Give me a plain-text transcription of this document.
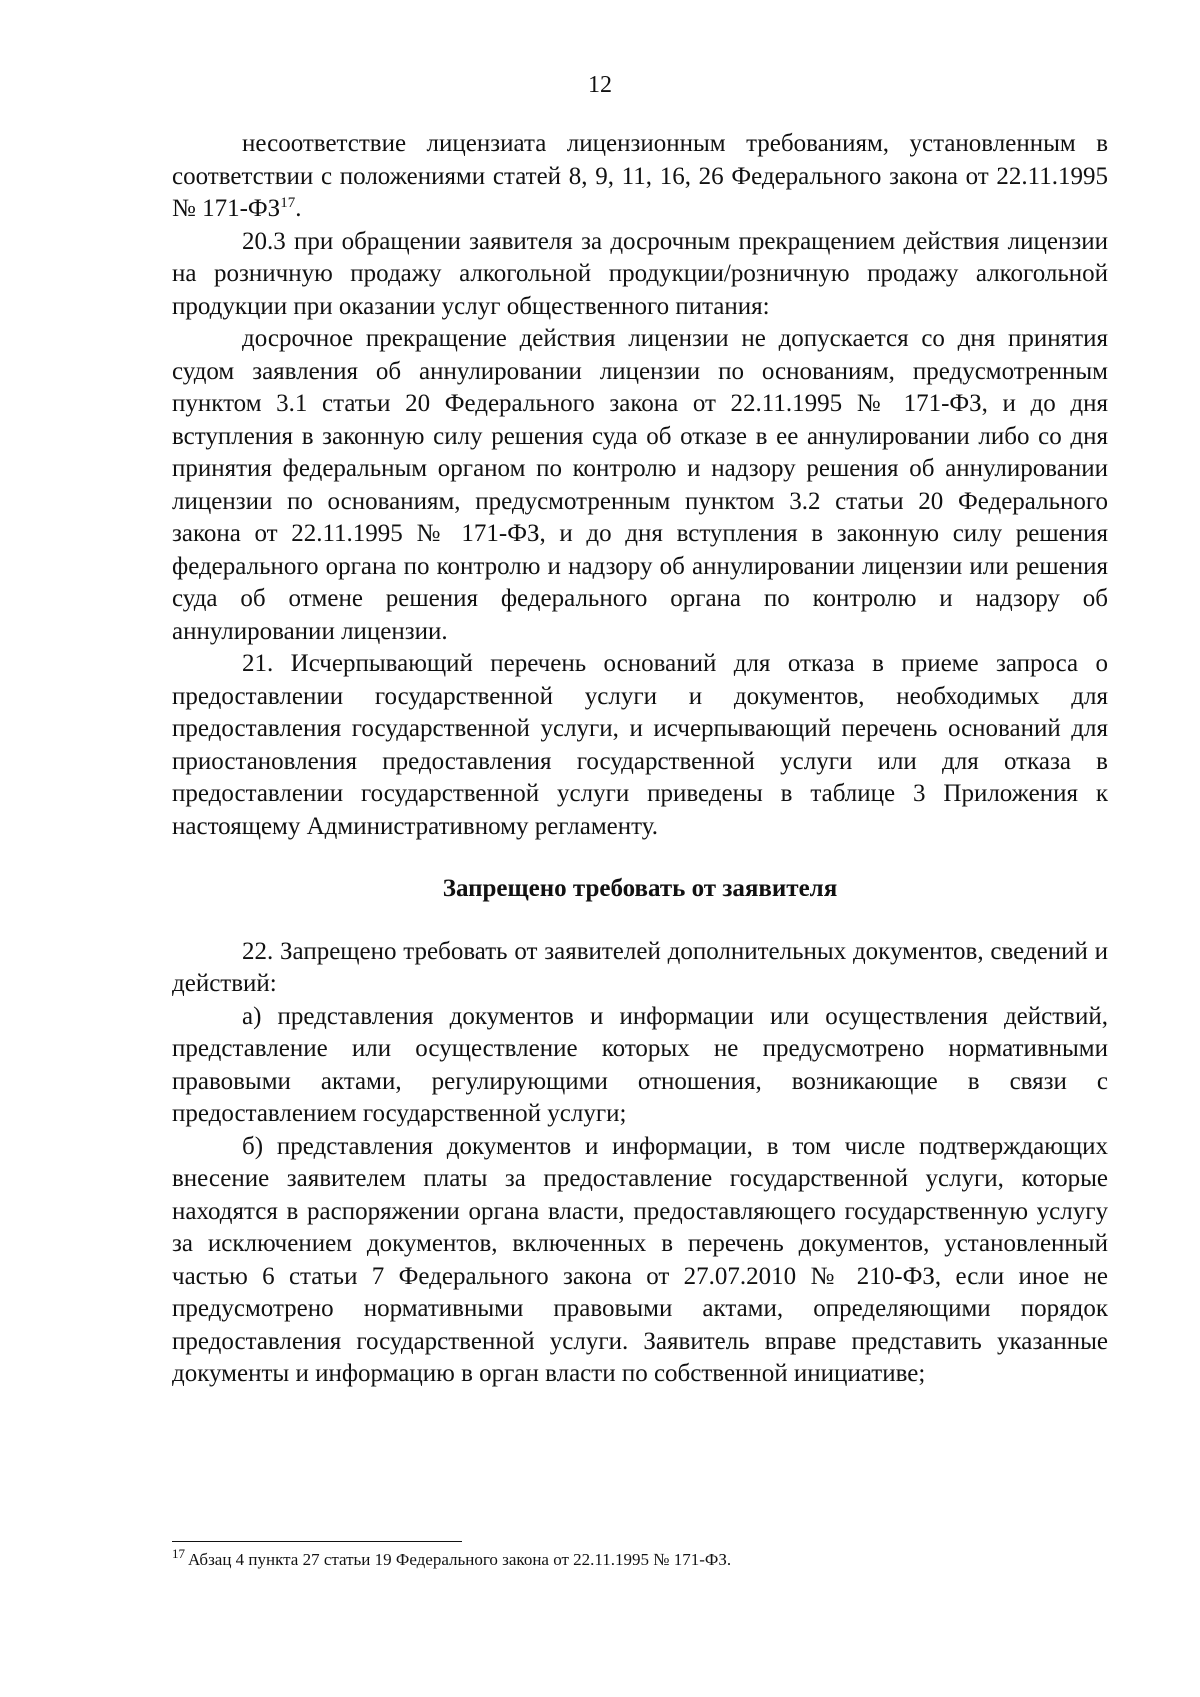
12

несоответствие лицензиата лицензионным требованиям, установленным в соответствии с положениями статей 8, 9, 11, 16, 26 Федерального закона от 22.11.1995 № 171-ФЗ$^{17}$.

20.3 при обращении заявителя за досрочным прекращением действия лицензии на розничную продажу алкогольной продукции/розничную продажу алкогольной продукции при оказании услуг общественного питания:

досрочное прекращение действия лицензии не допускается со дня принятия судом заявления об аннулировании лицензии по основаниям, предусмотренным пунктом 3.1 статьи 20 Федерального закона от 22.11.1995 № 171-ФЗ, и до дня вступления в законную силу решения суда об отказе в ее аннулировании либо со дня принятия федеральным органом по контролю и надзору решения об аннулировании лицензии по основаниям, предусмотренным пунктом 3.2 статьи 20 Федерального закона от 22.11.1995 № 171-ФЗ, и до дня вступления в законную силу решения федерального органа по контролю и надзору об аннулировании лицензии или решения суда об отмене решения федерального органа по контролю и надзору об аннулировании лицензии.

21. Исчерпывающий перечень оснований для отказа в приеме запроса о предоставлении государственной услуги и документов, необходимых для предоставления государственной услуги, и исчерпывающий перечень оснований для приостановления предоставления государственной услуги или для отказа в предоставлении государственной услуги приведены в таблице 3 Приложения к настоящему Административному регламенту.

Запрещено требовать от заявителя

22. Запрещено требовать от заявителей дополнительных документов, сведений и действий:

а) представления документов и информации или осуществления действий, представление или осуществление которых не предусмотрено нормативными правовыми актами, регулирующими отношения, возникающие в связи с предоставлением государственной услуги;

б) представления документов и информации, в том числе подтверждающих внесение заявителем платы за предоставление государственной услуги, которые находятся в распоряжении органа власти, предоставляющего государственную услугу за исключением документов, включенных в перечень документов, установленный частью 6 статьи 7 Федерального закона от 27.07.2010 № 210-ФЗ, если иное не предусмотрено нормативными правовыми актами, определяющими порядок предоставления государственной услуги. Заявитель вправе представить указанные документы и информацию в орган власти по собственной инициативе;

$^{17}$ Абзац 4 пункта 27 статьи 19 Федерального закона от 22.11.1995 № 171-ФЗ.
